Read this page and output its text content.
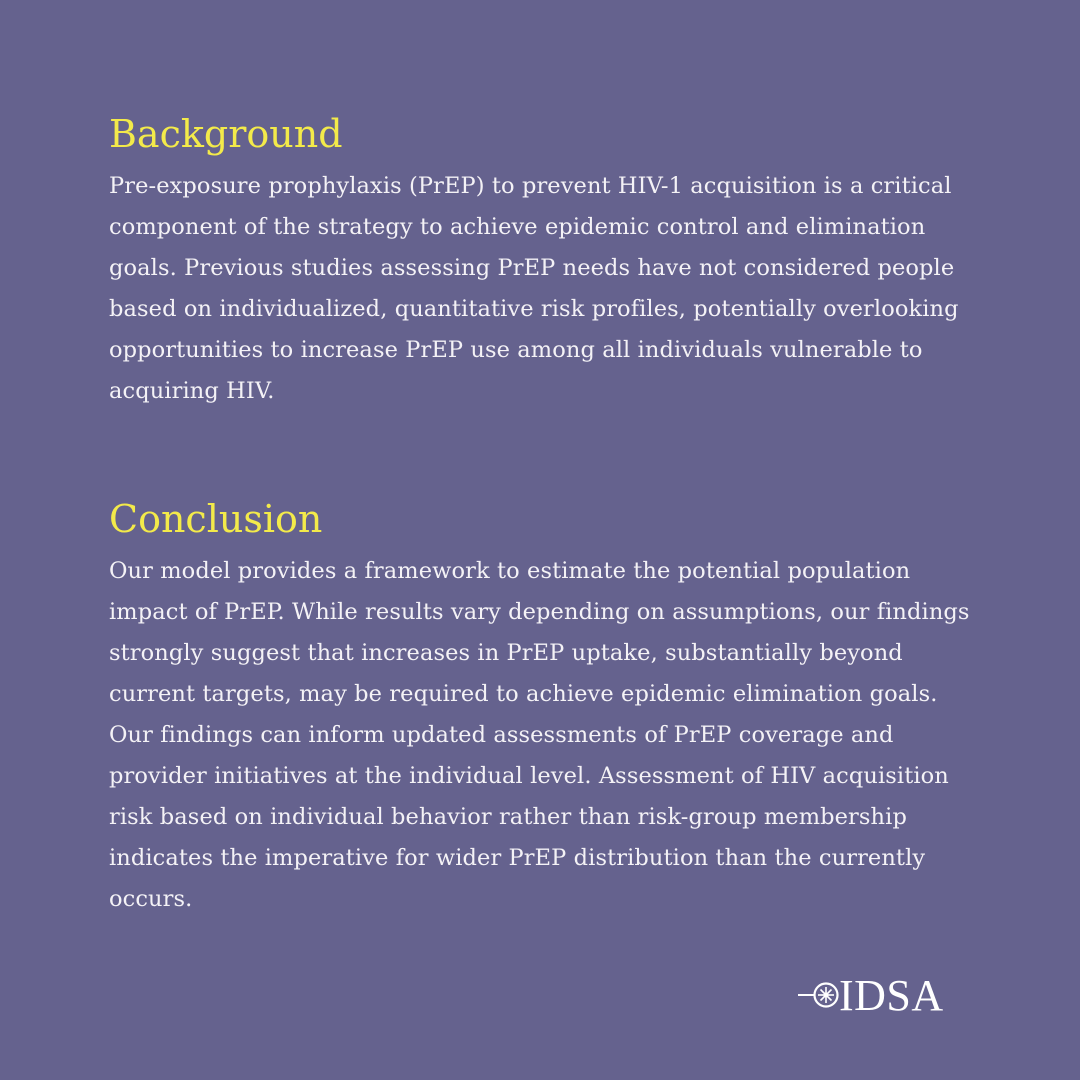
Background

Pre-exposure prophylaxis (PrEP) to prevent HIV-1 acquisition is a critical component of the strategy to achieve epidemic control and elimination goals. Previous studies assessing PrEP needs have not considered people based on individualized, quantitative risk profiles, potentially overlooking opportunities to increase PrEP use among all individuals vulnerable to acquiring HIV.

Conclusion

Our model provides a framework to estimate the potential population impact of PrEP. While results vary depending on assumptions, our findings strongly suggest that increases in PrEP uptake, substantially beyond current targets, may be required to achieve epidemic elimination goals. Our findings can inform updated assessments of PrEP coverage and provider initiatives at the individual level. Assessment of HIV acquisition risk based on individual behavior rather than risk-group membership indicates the imperative for wider PrEP distribution than the currently occurs.

IDSA
